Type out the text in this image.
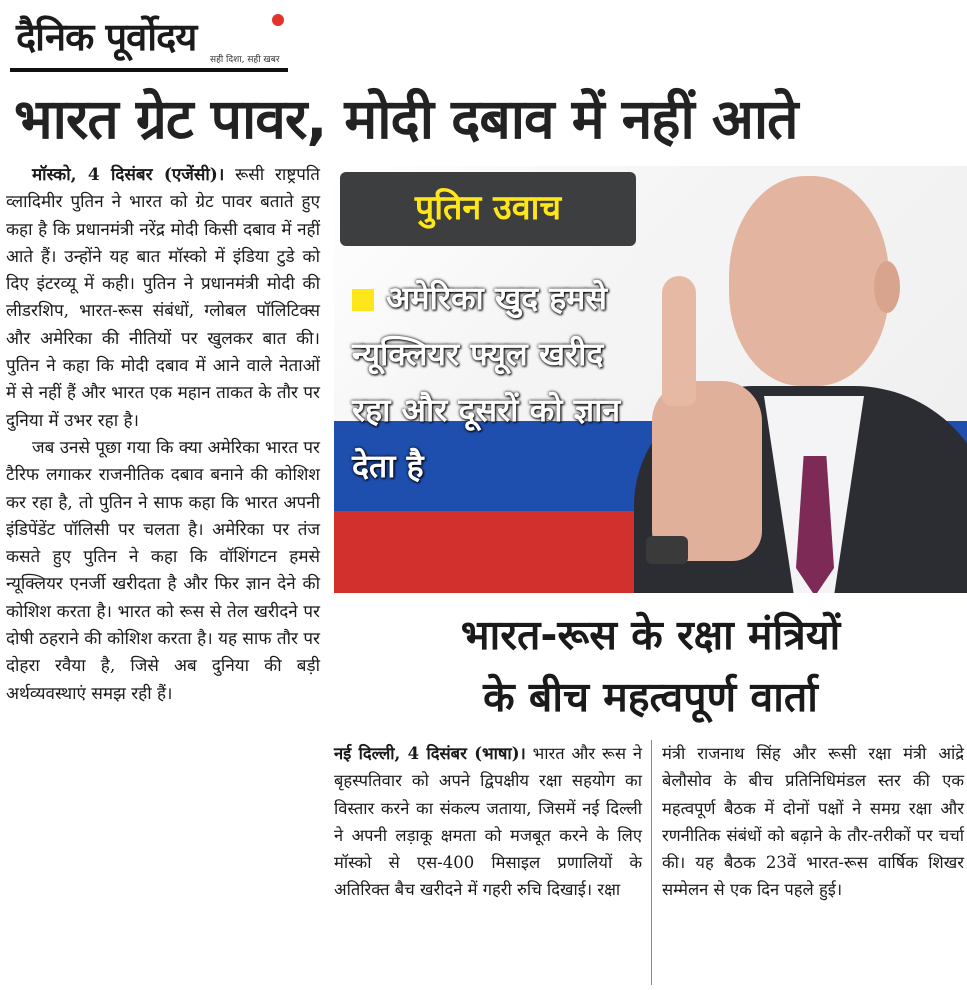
दैनिक पूर्वोदय
सही दिशा, सही खबर
भारत ग्रेट पावर, मोदी दबाव में नहीं आते

मॉस्को, 4 दिसंबर (एजेंसी)। रूसी राष्ट्रपति व्लादिमीर पुतिन ने भारत को ग्रेट पावर बताते हुए कहा है कि प्रधानमंत्री नरेंद्र मोदी किसी दबाव में नहीं आते हैं। उन्होंने यह बात मॉस्को में इंडिया टुडे को दिए इंटरव्यू में कही। पुतिन ने प्रधानमंत्री मोदी की लीडरशिप, भारत-रूस संबंधों, ग्लोबल पॉलिटिक्स और अमेरिका की नीतियों पर खुलकर बात की। पुतिन ने कहा कि मोदी दबाव में आने वाले नेताओं में से नहीं हैं और भारत एक महान ताकत के तौर पर दुनिया में उभर रहा है।

जब उनसे पूछा गया कि क्या अमेरिका भारत पर टैरिफ लगाकर राजनीतिक दबाव बनाने की कोशिश कर रहा है, तो पुतिन ने साफ कहा कि भारत अपनी इंडिपेंडेंट पॉलिसी पर चलता है। अमेरिका पर तंज कसते हुए पुतिन ने कहा कि वॉशिंगटन हमसे न्यूक्लियर एनर्जी खरीदता है और फिर ज्ञान देने की कोशिश करता है। भारत को रूस से तेल खरीदने पर दोषी ठहराने की कोशिश करता है। यह साफ तौर पर दोहरा रवैया है, जिसे अब दुनिया की बड़ी अर्थव्यवस्थाएं समझ रही हैं।

पुतिन उवाच
अमेरिका खुद हमसे न्यूक्लियर फ्यूल खरीद रहा और दूसरों को ज्ञान देता है
भारत-रूस के रक्षा मंत्रियों
के बीच महत्वपूर्ण वार्ता

नई दिल्ली, 4 दिसंबर (भाषा)। भारत और रूस ने बृहस्पतिवार को अपने द्विपक्षीय रक्षा सहयोग का विस्तार करने का संकल्प जताया, जिसमें नई दिल्ली ने अपनी लड़ाकू क्षमता को मजबूत करने के लिए मॉस्को से एस-400 मिसाइल प्रणालियों के अतिरिक्त बैच खरीदने में गहरी रुचि दिखाई। रक्षा

मंत्री राजनाथ सिंह और रूसी रक्षा मंत्री आंद्रे बेलौसोव के बीच प्रतिनिधिमंडल स्तर की एक महत्वपूर्ण बैठक में दोनों पक्षों ने समग्र रक्षा और रणनीतिक संबंधों को बढ़ाने के तौर-तरीकों पर चर्चा की। यह बैठक 23वें भारत-रूस वार्षिक शिखर सम्मेलन से एक दिन पहले हुई।
